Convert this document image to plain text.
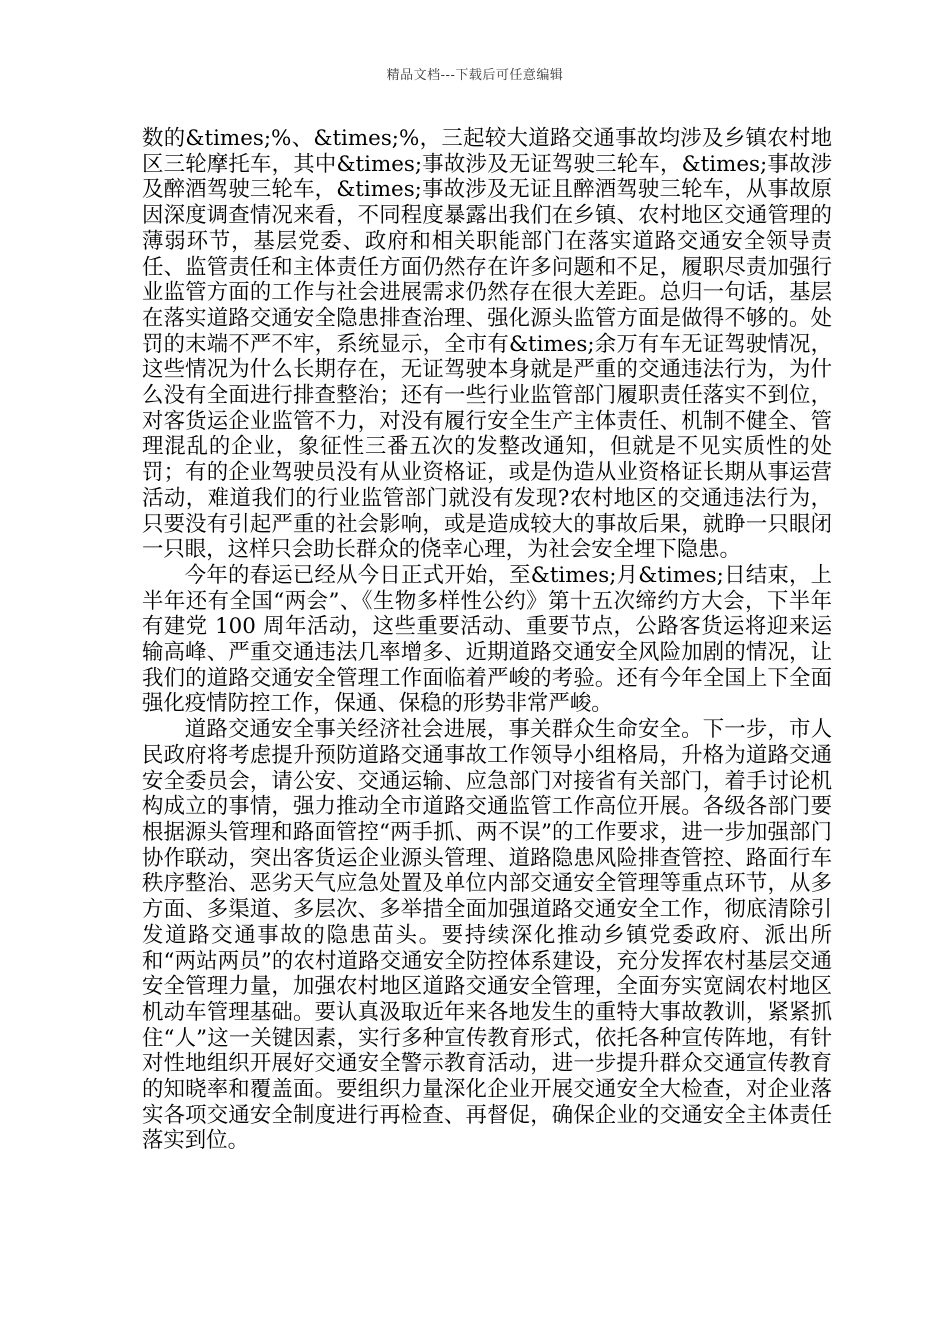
精品文档---下载后可任意编辑

数的&times;%、&times;%，三起较大道路交通事故均涉及乡镇农村地区三轮摩托车，其中&times;事故涉及无证驾驶三轮车，&times;事故涉及醉酒驾驶三轮车，&times;事故涉及无证且醉酒驾驶三轮车，从事故原因深度调查情况来看，不同程度暴露出我们在乡镇、农村地区交通管理的薄弱环节，基层党委、政府和相关职能部门在落实道路交通安全领导责任、监管责任和主体责任方面仍然存在许多问题和不足，履职尽责加强行业监管方面的工作与社会进展需求仍然存在很大差距。总归一句话，基层在落实道路交通安全隐患排查治理、强化源头监管方面是做得不够的。处罚的末端不严不牢，系统显示，全市有&times;余万有车无证驾驶情况，这些情况为什么长期存在，无证驾驶本身就是严重的交通违法行为，为什么没有全面进行排查整治；还有一些行业监管部门履职责任落实不到位，对客货运企业监管不力，对没有履行安全生产主体责任、机制不健全、管理混乱的企业，象征性三番五次的发整改通知，但就是不见实质性的处罚；有的企业驾驶员没有从业资格证，或是伪造从业资格证长期从事运营活动，难道我们的行业监管部门就没有发现?农村地区的交通违法行为，只要没有引起严重的社会影响，或是造成较大的事故后果，就睁一只眼闭一只眼，这样只会助长群众的侥幸心理，为社会安全埋下隐患。

今年的春运已经从今日正式开始，至&times;月&times;日结束，上半年还有全国“两会”、《生物多样性公约》第十五次缔约方大会，下半年有建党 100 周年活动，这些重要活动、重要节点，公路客货运将迎来运输高峰、严重交通违法几率增多、近期道路交通安全风险加剧的情况，让我们的道路交通安全管理工作面临着严峻的考验。还有今年全国上下全面强化疫情防控工作，保通、保稳的形势非常严峻。

道路交通安全事关经济社会进展，事关群众生命安全。下一步，市人民政府将考虑提升预防道路交通事故工作领导小组格局，升格为道路交通安全委员会，请公安、交通运输、应急部门对接省有关部门，着手讨论机构成立的事情，强力推动全市道路交通监管工作高位开展。各级各部门要根据源头管理和路面管控“两手抓、两不误”的工作要求，进一步加强部门协作联动，突出客货运企业源头管理、道路隐患风险排查管控、路面行车秩序整治、恶劣天气应急处置及单位内部交通安全管理等重点环节，从多方面、多渠道、多层次、多举措全面加强道路交通安全工作，彻底清除引发道路交通事故的隐患苗头。要持续深化推动乡镇党委政府、派出所和“两站两员”的农村道路交通安全防控体系建设，充分发挥农村基层交通安全管理力量，加强农村地区道路交通安全管理，全面夯实宽阔农村地区机动车管理基础。要认真汲取近年来各地发生的重特大事故教训，紧紧抓住“人”这一关键因素，实行多种宣传教育形式，依托各种宣传阵地，有针对性地组织开展好交通安全警示教育活动，进一步提升群众交通宣传教育的知晓率和覆盖面。要组织力量深化企业开展交通安全大检查，对企业落实各项交通安全制度进行再检查、再督促，确保企业的交通安全主体责任落实到位。
